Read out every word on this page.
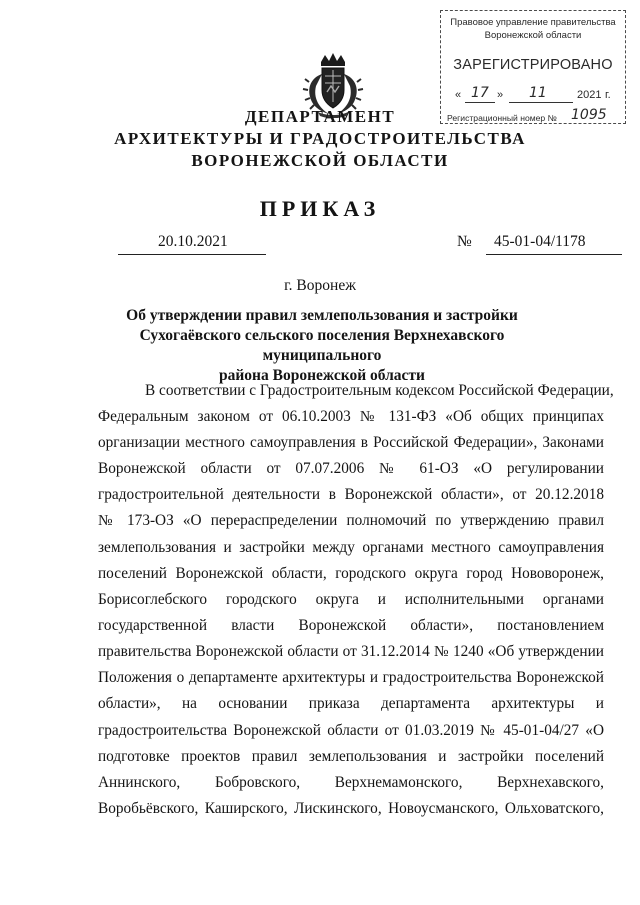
Правовое управление правительства
Воронежской области
ЗАРЕГИСТРИРОВАНО
« 17 » 11	2021 г.
Регистрационный номер № 1095
ДЕПАРТАМЕНТ
АРХИТЕКТУРЫ И ГРАДОСТРОИТЕЛЬСТВА
ВОРОНЕЖСКОЙ ОБЛАСТИ
ПРИКАЗ
20.10.2021	№ 45-01-04/1178
г. Воронеж
Об утверждении правил землепользования и застройки
Сухогаёвского сельского поселения Верхнехавского муниципального
района Воронежской области
В соответствии с Градостроительным кодексом Российской Федерации,
Федеральным законом от 06.10.2003 № 131-ФЗ «Об общих принципах
организации местного самоуправления в Российской Федерации», Законами
Воронежской области от 07.07.2006 № 61-ОЗ «О регулировании
градостроительной деятельности в Воронежской области», от 20.12.2018
№ 173-ОЗ «О перераспределении полномочий по утверждению правил
землепользования и застройки между органами местного самоуправления
поселений Воронежской области, городского округа город Нововоронеж,
Борисоглебского городского округа и исполнительными органами
государственной власти Воронежской области», постановлением
правительства Воронежской области от 31.12.2014 № 1240 «Об утверждении
Положения о департаменте архитектуры и градостроительства Воронежской
области», на основании приказа департамента архитектуры и
градостроительства Воронежской области от 01.03.2019 № 45-01-04/27 «О
подготовке проектов правил землепользования и застройки поселений
Аннинского, Бобровского, Верхнемамонского, Верхнехавского,
Воробьёвского, Каширского, Лискинского, Новоусманского, Ольховатского,
